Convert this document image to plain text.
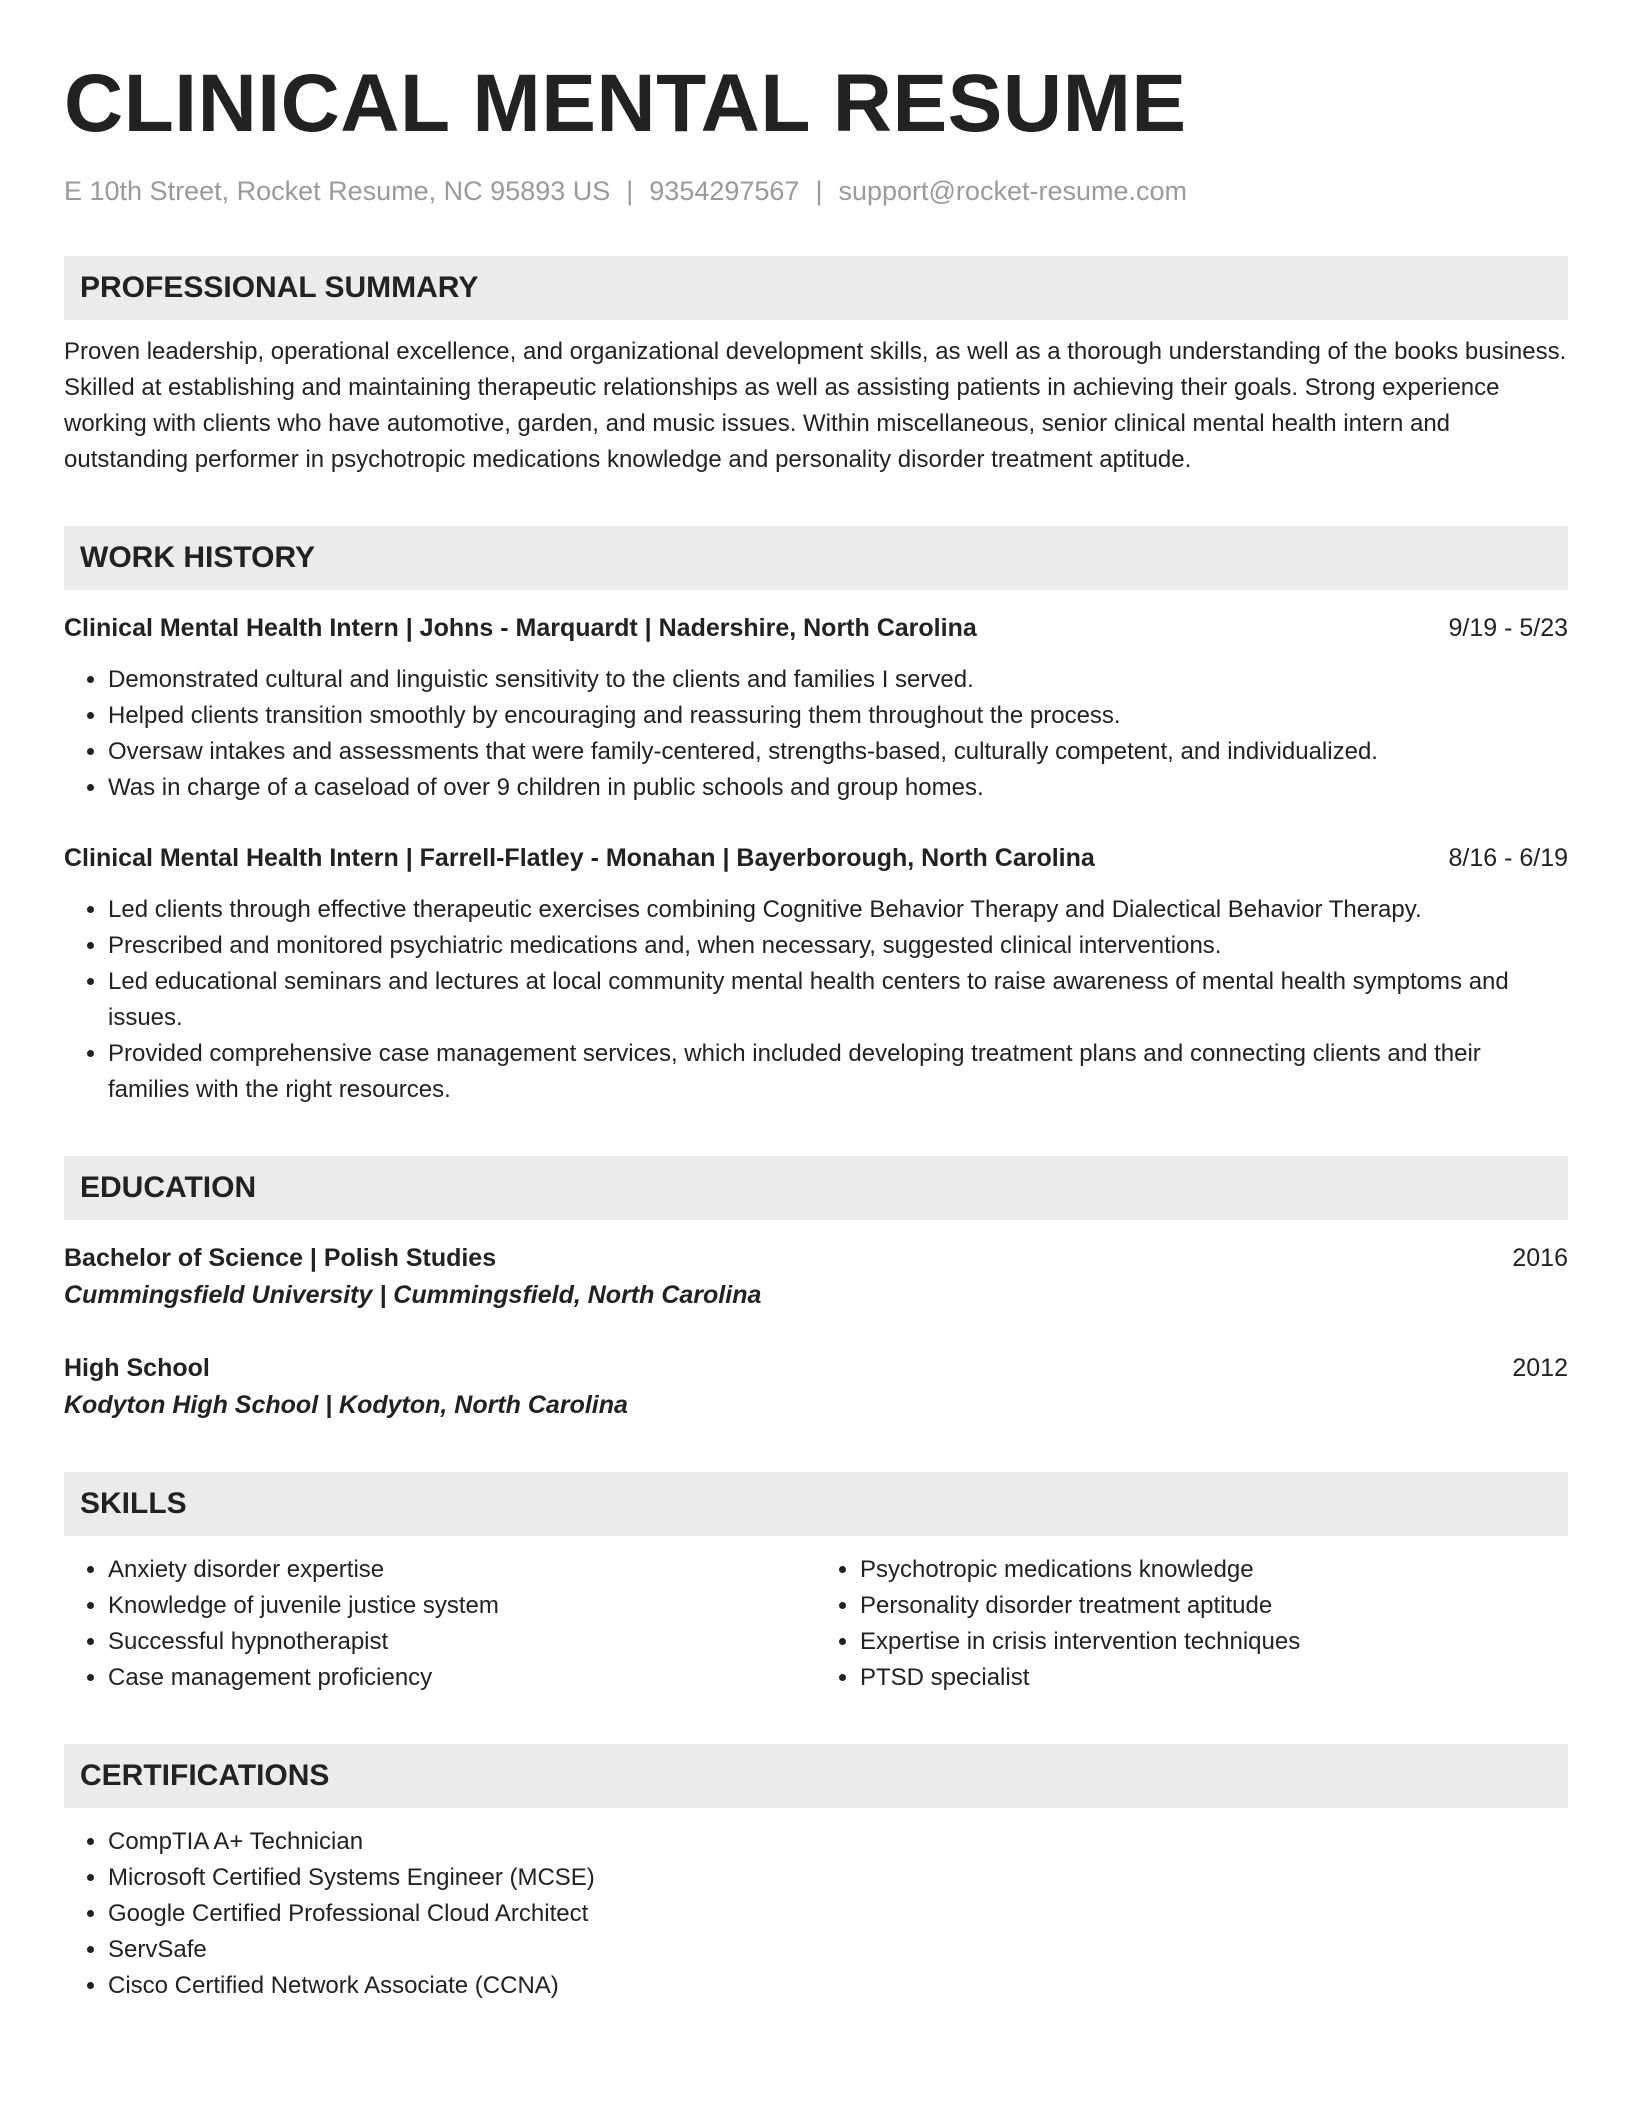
CLINICAL MENTAL RESUME
E 10th Street, Rocket Resume, NC 95893 US | 9354297567 | support@rocket-resume.com
PROFESSIONAL SUMMARY
Proven leadership, operational excellence, and organizational development skills, as well as a thorough understanding of the books business. Skilled at establishing and maintaining therapeutic relationships as well as assisting patients in achieving their goals. Strong experience working with clients who have automotive, garden, and music issues. Within miscellaneous, senior clinical mental health intern and outstanding performer in psychotropic medications knowledge and personality disorder treatment aptitude.
WORK HISTORY
Clinical Mental Health Intern | Johns - Marquardt | Nadershire, North Carolina	9/19 - 5/23
• Demonstrated cultural and linguistic sensitivity to the clients and families I served.
• Helped clients transition smoothly by encouraging and reassuring them throughout the process.
• Oversaw intakes and assessments that were family-centered, strengths-based, culturally competent, and individualized.
• Was in charge of a caseload of over 9 children in public schools and group homes.
Clinical Mental Health Intern | Farrell-Flatley - Monahan | Bayerborough, North Carolina	8/16 - 6/19
• Led clients through effective therapeutic exercises combining Cognitive Behavior Therapy and Dialectical Behavior Therapy.
• Prescribed and monitored psychiatric medications and, when necessary, suggested clinical interventions.
• Led educational seminars and lectures at local community mental health centers to raise awareness of mental health symptoms and issues.
• Provided comprehensive case management services, which included developing treatment plans and connecting clients and their families with the right resources.
EDUCATION
Bachelor of Science | Polish Studies	2016
Cummingsfield University | Cummingsfield, North Carolina
High School	2012
Kodyton High School | Kodyton, North Carolina
SKILLS
• Anxiety disorder expertise
• Knowledge of juvenile justice system
• Successful hypnotherapist
• Case management proficiency
• Psychotropic medications knowledge
• Personality disorder treatment aptitude
• Expertise in crisis intervention techniques
• PTSD specialist
CERTIFICATIONS
• CompTIA A+ Technician
• Microsoft Certified Systems Engineer (MCSE)
• Google Certified Professional Cloud Architect
• ServSafe
• Cisco Certified Network Associate (CCNA)
